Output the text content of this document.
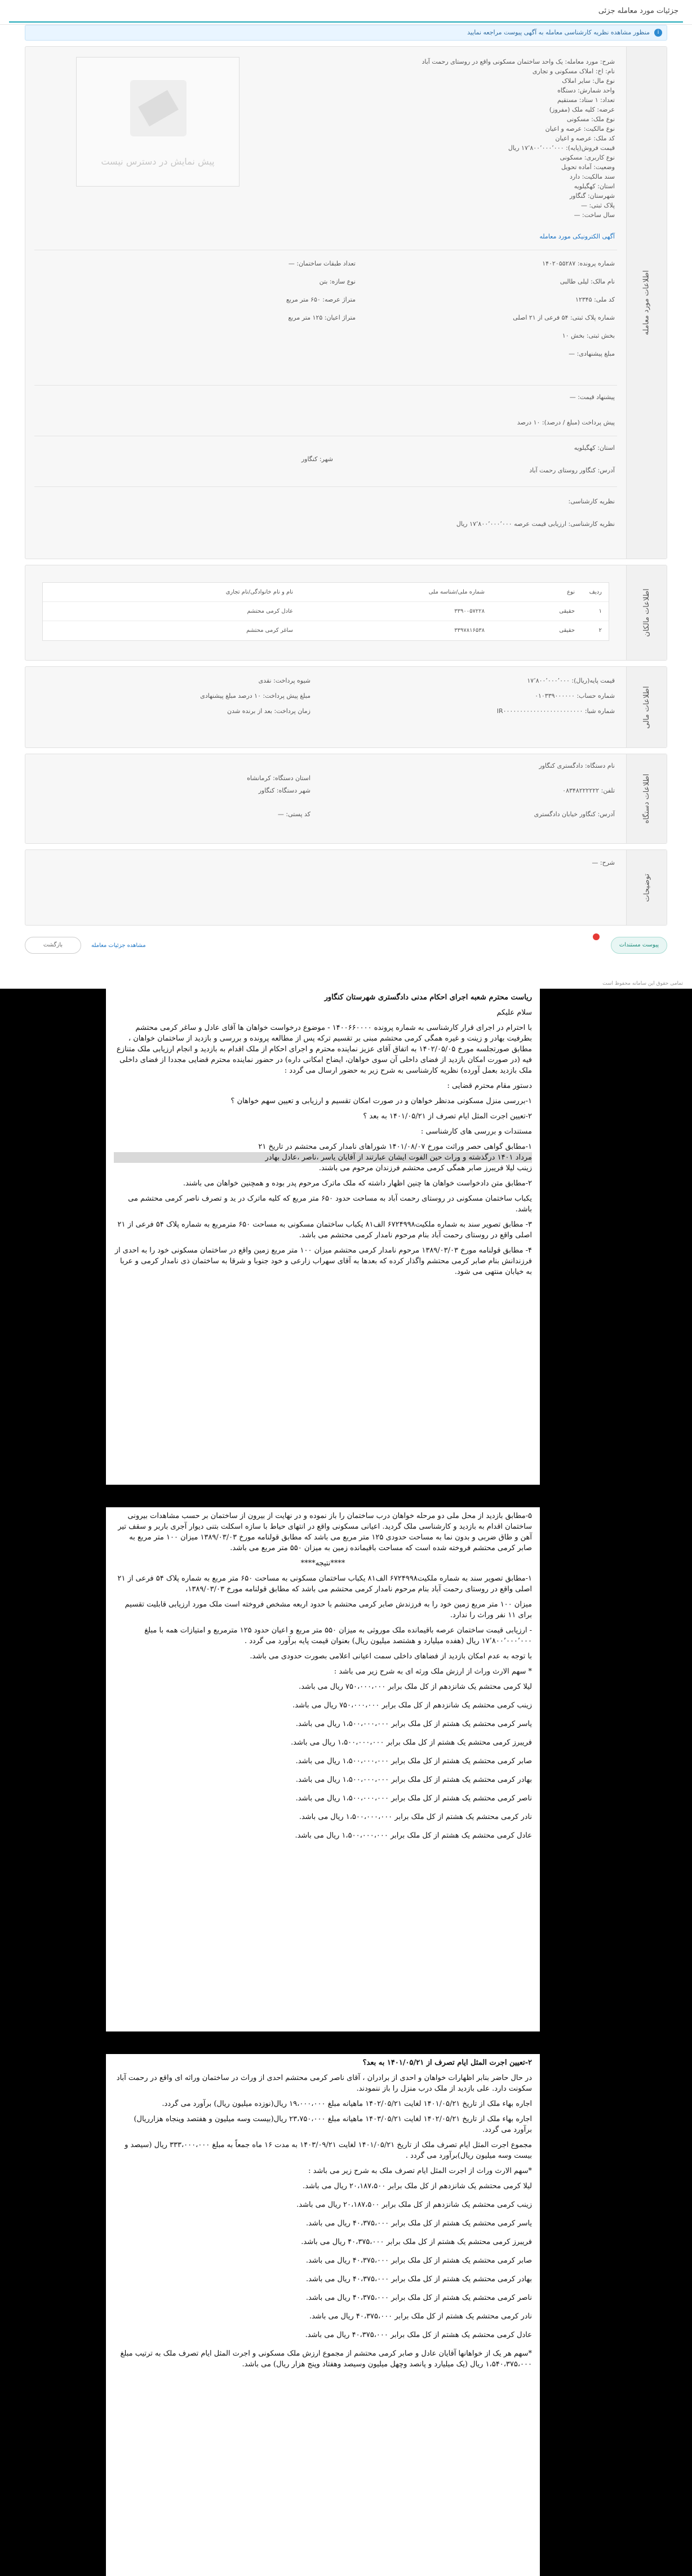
جزئیات مورد معامله جزئی
i
منظور مشاهده نظریه کارشناسی معامله به آگهی پیوست مراجعه نمایید
اطلاعات مورد معامله
پیش نمایش در دسترس نیست
شرح: مورد معامله: یک واحد ساختمان مسکونی واقع در روستای رحمت آباد
نام: اخ: املاک مسکونی و تجاری
نوع مال: سایر املاک
واحد شمارش: دستگاه
تعداد: ۱ ستاد: مستقیم
عرضه: کلیه ملک (مفروز)
نوع ملک: مسکونی
نوع مالکیت: عرصه و اعیان
کد ملک: عرصه و اعیان
قیمت فروش(پایه): ۱۷٬۸۰۰٬۰۰۰٬۰۰۰ ریال
نوع کاربری: مسکونی
وضعیت: آماده تحویل
سند مالکیت: دارد
استان: کهگیلویه
شهرستان: گنگاور
پلاک ثبتی: —
سال ساخت: —
آگهی الکترونیکی مورد معامله
شماره پرونده: ۱۴۰۲۰۵۵۲۸۷
نام مالک: لیلی طالبی
کد ملی: ۱۲۳۴۵
شماره پلاک ثبتی: ۵۴ فرعی از ۲۱ اصلی
بخش ثبتی: بخش ۱۰
مبلغ پیشنهادی: —
تعداد طبقات ساختمان: —
نوع سازه: بتن
متراژ عرصه: ۶۵۰ متر مربع
متراژ اعیان: ۱۲۵ متر مربع
پیشنهاد قیمت: —
پیش پرداخت (مبلغ / درصد): ۱۰ درصد
استان: کهگیلویه
شهر: کنگاور
آدرس: کنگاور روستای رحمت آباد
نظریه کارشناسی:
نظریه کارشناسی: ارزیابی قیمت عرصه ۱۷٬۸۰۰٬۰۰۰٬۰۰۰ ریال
اطلاعات مالکان
ردیف
نوع
شماره ملی/شناسه ملی
نام و نام خانوادگی/نام تجاری
۱
حقیقی
۳۳۹۰۰۵۷۲۲۸
عادل کرمی محتشم
۲
حقیقی
۳۳۹۷۸۱۶۵۳۸
ساغر کرمی محتشم
اطلاعات مالی
قیمت پایه(ریال): ۱۷٬۸۰۰٬۰۰۰٬۰۰۰
شماره حساب: ۰۱۰۳۳۹۰۰۰۰۰۰
شماره شبا: IR۰۰۰۰۰۰۰۰۰۰۰۰۰۰۰۰۰۰۰۰۰۰۰۰
شیوه پرداخت: نقدی
مبلغ پیش پرداخت: ۱۰ درصد مبلغ پیشنهادی
زمان پرداخت: بعد از برنده شدن
اطلاعات دستگاه
نام دستگاه: دادگستری کنگاور
استان دستگاه: کرمانشاه
شهر دستگاه: کنگاور	تلفن: ۰۸۳۴۸۲۲۲۲۲۲
آدرس: کنگاور خیابان دادگستری
کد پستی: —
توضیحات
شرح: —
پیوست مستندات
مشاهده جزئیات معامله
بازگشت
تمامی حقوق این سامانه محفوظ است

ریاست محترم شعبه اجرای احکام مدنی دادگستری شهرستان کنگاور

سلام علیکم

با احترام در اجرای قرار کارشناسی به شماره پرونده ۱۴۰۰۶۶۰۰۰۰ - موضوع درخواست خواهان ها آقای عادل و ساغر کرمی محتشم بطرفیت بهادر و زینت و غیره همگی کرمی محتشم مبنی بر تقسیم ترکه پس از مطالعه پرونده و بررسی و بازدید از ساختمان خواهان ، مطابق صورتجلسه مورخ ۱۴۰۲/۰۵/۰۵ به اتفاق آقای عزیز نماینده محترم و اجرای احکام از ملک اقدام به بازدید و انجام ارزیابی ملک متنازع فیه (در صورت امکان بازدید از فضای داخلی آن سوی خواهان، ایضاح امکانی داره) در حضور نماینده محترم قضایی مجددا از فضای داخلی ملک بازدید بعمل آورده) نظریه کارشناسی به شرح زیر به حضور ارسال می گردد :

دستور مقام محترم قضایی :

۱-بررسی منزل مسکونی مدنظر خواهان و در صورت امکان تقسیم و ارزیابی و تعیین سهم خواهان ؟

۲-تعیین اجرت المثل ایام تصرف از ۱۴۰۱/۰۵/۲۱ به بعد ؟

مستندات و بررسی های کارشناسی :

۱-مطابق گواهی حصر وراثت مورخ ۱۴۰۱/۰۸/۰۷ شوراهای نامدار کرمی محتشم در تاریخ ۲۱

مرداد ۱۴۰۱ درگذشته و وراث حین الفوت ایشان عبارتند از آقایان یاسر ،ناصر ،عادل بهادر

زینب لیلا فریبرز صابر همگی کرمی محتشم فرزندان مرحوم می باشند.

۲-مطابق متن دادخواست خواهان ها چنین اظهار داشته که ملک ماترک مرحوم پدر بوده و همچنین خواهان می باشند.

یکباب ساختمان مسکونی در روستای رحمت آباد به مساحت حدود ۶۵۰ متر مربع که کلیه ماترک در ید و تصرف ناصر کرمی محتشم می باشد.

۳- مطابق تصویر سند به شماره ملکیت۶۷۲۴۹۹۸ الف۸۱ یکباب ساختمان مسکونی به مساحت ۶۵۰ مترمربع به شماره پلاک ۵۴ فرعی از ۲۱ اصلی واقع در روستای رحمت آباد بنام مرحوم نامدار کرمی محتشم می باشد.

۴- مطابق قولنامه مورخ ۱۳۸۹/۰۳/۰۳ مرحوم نامدار کرمی محتشم میزان ۱۰۰ متر مربع زمین واقع در ساختمان مسکونی خود را به احدی از فرزندانش بنام صابر کرمی محتشم واگذار کرده که بعدها به آقای سهراب زارعی و خود جنوبا و شرقا به ساختمان ذی نامدار کرمی و عربا به خیابان منتهی می شود.

۵-مطابق بازدید از محل ملی دو مرحله خواهان درب ساختمان را باز نموده و در نهایت از بیرون از ساختمان بر حسب مشاهدات بیرونی ساختمان اقدام به بازدید و کارشناسی ملک گردید. اعیانی مسکونی واقع در انتهای حیاط با سازه اسکلت بتنی دیوار آجری باربر و سقف تیر آهن و طاق ضربی و بدون نما به مساحت حدودی ۱۲۵ متر مربع می باشد که مطابق قولنامه مورخ ۱۳۸۹/۰۳/۰۳ میزان ۱۰۰ متر مربع به صابر کرمی محتشم فروخته شده است که مساحت باقیمانده زمین به میزان ۵۵۰ متر مربع می باشد.

****نتیجه****

۱-مطابق تصویر سند به شماره ملکیت۶۷۲۴۹۹۸ الف۸۱ یکباب ساختمان مسکونی به مساحت ۶۵۰ متر مربع به شماره پلاک ۵۴ فرعی از ۲۱ اصلی واقع در روستای رحمت آباد بنام مرحوم نامدار کرمی محتشم می باشد که مطابق قولنامه مورخ ۱۳۸۹/۰۳/۰۳،

میزان ۱۰۰ متر مربع زمین خود را به فرزندش صابر کرمی محتشم با حدود اربعه مشخص فروخته است ملک مورد ارزیابی قابلیت تقسیم برای ۱۱ نفر وراث را ندارد.

- ارزیابی قیمت ساختمان عرصه باقیمانده ملک موروثی به میزان ۵۵۰ متر مربع و اعیان حدود ۱۲۵ مترمربع و امتیازات همه با مبلغ ۱۷٬۸۰۰٬۰۰۰٬۰۰۰ ریال (هفده میلیارد و هشتصد میلیون ریال) بعنوان قیمت پایه برآورد می گردد .

با توجه به عدم امکان بازدید از فضاهای داخلی سمت اعیانی اعلامی بصورت حدودی می باشد.

* سهم الارث وراث از ارزش ملک ورثه ای به شرح زیر می باشد :

لیلا کرمی محتشم یک شانزدهم از کل ملک برابر ۷۵۰،۰۰۰،۰۰۰ ریال می باشد.

زینب کرمی محتشم یک شانزدهم از کل ملک برابر ۷۵۰،۰۰۰،۰۰۰ ریال می باشد.

یاسر کرمی محتشم یک هشتم از کل ملک برابر ۱،۵۰۰،۰۰۰،۰۰۰ ریال می باشد.

فریبرز کرمی محتشم یک هشتم از کل ملک برابر ۱،۵۰۰،۰۰۰،۰۰۰ ریال می باشد.

صابر کرمی محتشم یک هشتم از کل ملک برابر ۱،۵۰۰،۰۰۰،۰۰۰ ریال می باشد.

بهادر کرمی محتشم یک هشتم از کل ملک برابر ۱،۵۰۰،۰۰۰،۰۰۰ ریال می باشد.

ناصر کرمی محتشم یک هشتم از کل ملک برابر ۱،۵۰۰،۰۰۰،۰۰۰ ریال می باشد.

نادر کرمی محتشم یک هشتم از کل ملک برابر ۱،۵۰۰،۰۰۰،۰۰۰ ریال می باشد.

عادل کرمی محتشم یک هشتم از کل ملک برابر ۱،۵۰۰،۰۰۰،۰۰۰ ریال می باشد.

۲-تعیین اجرت المثل ایام تصرف از ۱۴۰۱/۰۵/۲۱ به بعد؟

در حال حاضر بنابر اظهارات خواهان و احدی از برادران ، آقای ناصر کرمی محتشم احدی از وراث در ساختمان وراثه ای واقع در رحمت آباد سکونت دارد. علی بازدید از ملک درب منزل را باز ننمودند.

اجاره بهاء ملک از تاریخ ۱۴۰۱/۰۵/۲۱ لغایت ۱۴۰۲/۰۵/۲۱ ماهیانه مبلغ ۱۹،۰۰۰،۰۰۰ ریال(نوزده میلیون ریال) برآورد می گردد.

اجاره بهاء ملک از تاریخ ۱۴۰۲/۰۵/۲۱ لغایت ۱۴۰۳/۰۵/۲۱ ماهیانه مبلغ ۲۳،۷۵۰،۰۰۰ ریال(بیست وسه میلیون و هفتصد وپنجاه هزارریال) برآورد می گردد.

مجموع اجرت المثل ایام تصرف ملک از تاریخ ۱۴۰۱/۰۵/۲۱ لغایت ۱۴۰۳/۰۹/۲۱ به مدت ۱۶ ماه جمعاً به مبلغ ۳۳۳،۰۰۰،۰۰۰ ریال (سیصد و بیست وسه میلیون ریال)برآورد می گردد .

*سهم الارث وراث از اجرت المثل ایام تصرف ملک به شرح زیر می باشد :

لیلا کرمی محتشم یک شانزدهم از کل ملک برابر ۲۰،۱۸۷،۵۰۰ ریال می باشد.

زینب کرمی محتشم یک شانزدهم از کل ملک برابر ۲۰،۱۸۷،۵۰۰ ریال می باشد.

یاسر کرمی محتشم یک هشتم از کل ملک برابر ۴۰،۳۷۵،۰۰۰ ریال می باشد.

فریبرز کرمی محتشم یک هشتم از کل ملک برابر ۴۰،۳۷۵،۰۰۰ ریال می باشد.

صابر کرمی محتشم یک هشتم از کل ملک برابر ۴۰،۳۷۵،۰۰۰ ریال می باشد.

بهادر کرمی محتشم یک هشتم از کل ملک برابر ۴۰،۳۷۵،۰۰۰ ریال می باشد.

ناصر کرمی محتشم یک هشتم از کل ملک برابر ۴۰،۳۷۵،۰۰۰ ریال می باشد.

نادر کرمی محتشم یک هشتم از کل ملک برابر ۴۰،۳۷۵،۰۰۰ ریال می باشد.

عادل کرمی محتشم یک هشتم از کل ملک برابر ۴۰،۳۷۵،۰۰۰ ریال می باشد.

*سهم هر یک از خواهانها آقایان عادل و صابر کرمی محتشم از مجموع ارزش ملک مسکونی و اجرت المثل ایام تصرف ملک به ترتیب مبلغ ۱،۵۴۰،۳۷۵،۰۰۰ ریال (یک میلیارد و پانصد وچهل میلیون وسیصد وهفتاد وپنج هزار ریال) می باشد.
